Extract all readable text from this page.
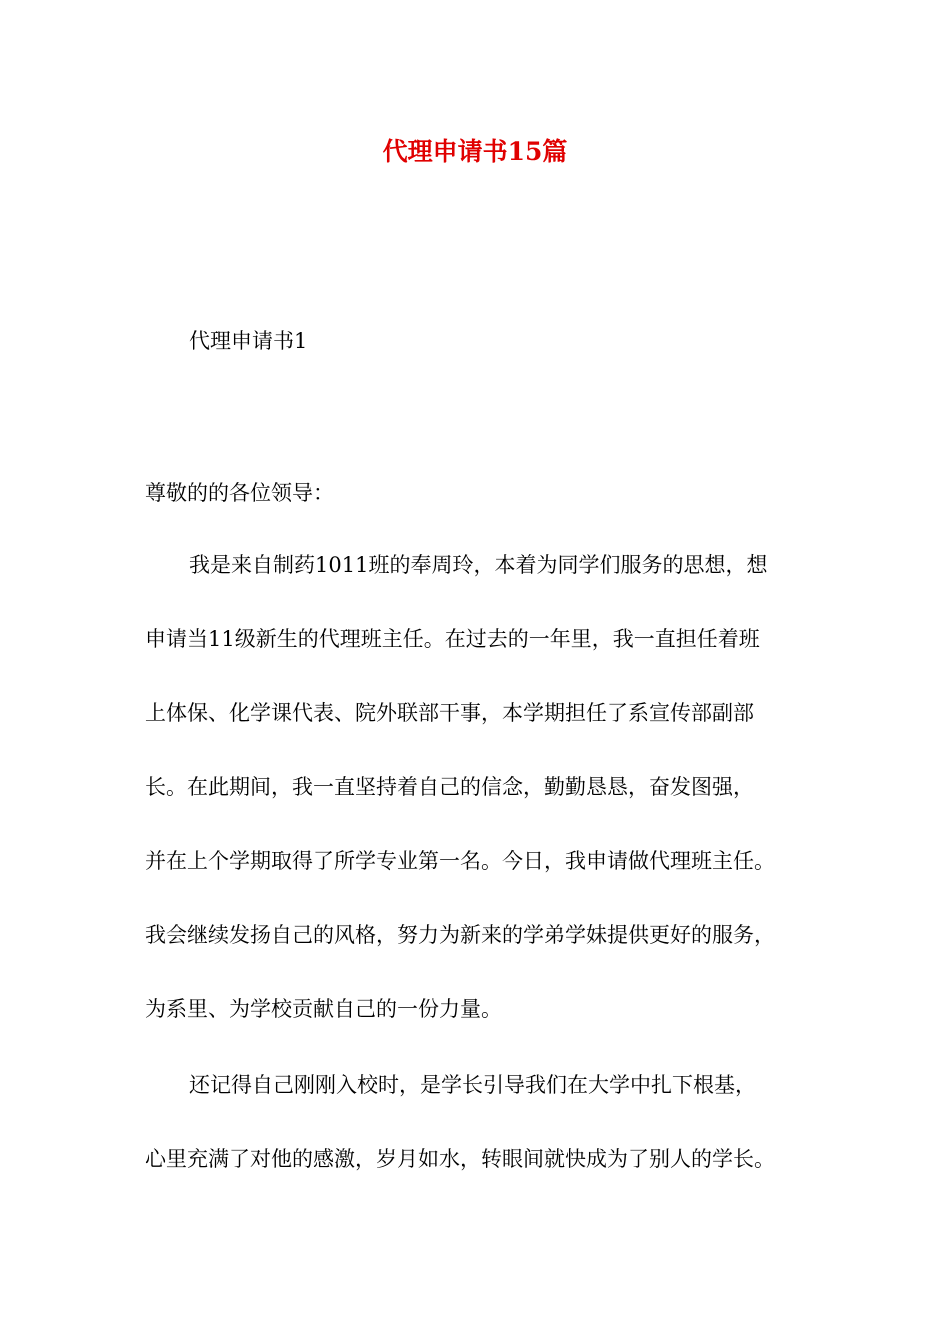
代理申请书15篇
代理申请书1
尊敬的的各位领导：
我是来自制药1011班的奉周玲，本着为同学们服务的思想，想
申请当11级新生的代理班主任。在过去的一年里，我一直担任着班
上体保、化学课代表、院外联部干事，本学期担任了系宣传部副部
长。在此期间，我一直坚持着自己的信念，勤勤恳恳，奋发图强，
并在上个学期取得了所学专业第一名。今日，我申请做代理班主任。
我会继续发扬自己的风格，努力为新来的学弟学妹提供更好的服务，
为系里、为学校贡献自己的一份力量。
还记得自己刚刚入校时，是学长引导我们在大学中扎下根基，
心里充满了对他的感激，岁月如水，转眼间就快成为了别人的学长。
